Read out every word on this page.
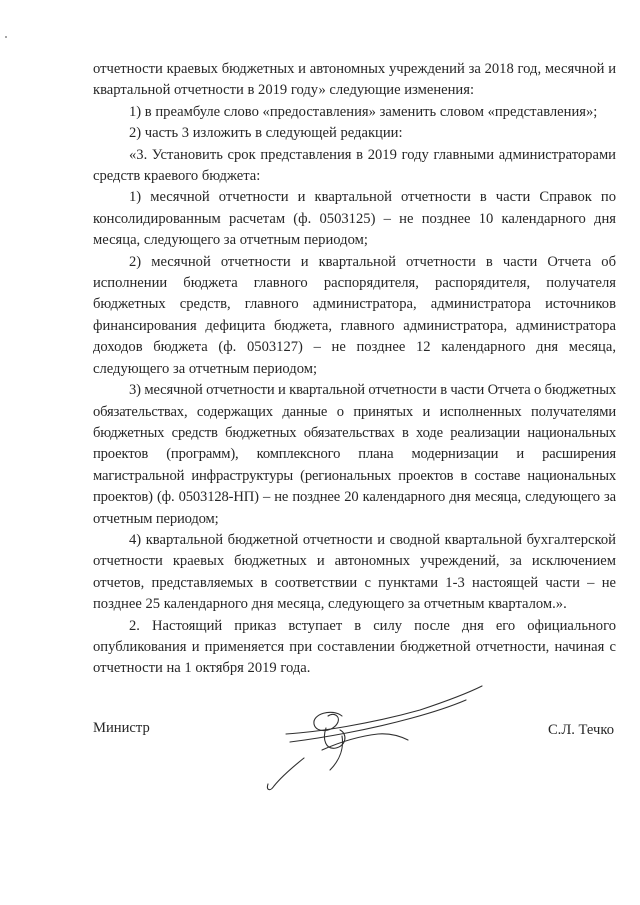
отчетности краевых бюджетных и автономных учреждений за 2018 год, месячной и квартальной отчетности в 2019 году» следующие изменения:

1) в преамбуле слово «предоставления» заменить словом «представления»;

2) часть 3 изложить в следующей редакции:

«3. Установить срок представления в 2019 году главными администраторами средств краевого бюджета:

1) месячной отчетности и квартальной отчетности в части Справок по консолидированным расчетам (ф. 0503125) – не позднее 10 календарного дня месяца, следующего за отчетным периодом;

2) месячной отчетности и квартальной отчетности в части Отчета об исполнении бюджета главного распорядителя, распорядителя, получателя бюджетных средств, главного администратора, администратора источников финансирования дефицита бюджета, главного администратора, администратора доходов бюджета (ф. 0503127) – не позднее 12 календарного дня месяца, следующего за отчетным периодом;

3) месячной отчетности и квартальной отчетности в части Отчета о бюджетных обязательствах, содержащих данные о принятых и исполненных получателями бюджетных средств бюджетных обязательствах в ходе реализации национальных проектов (программ), комплексного плана модернизации и расширения магистральной инфраструктуры (региональных проектов в составе национальных проектов) (ф. 0503128-НП) – не позднее 20 календарного дня месяца, следующего за отчетным периодом;

4) квартальной бюджетной отчетности и сводной квартальной бухгалтерской отчетности краевых бюджетных и автономных учреждений, за исключением отчетов, представляемых в соответствии с пунктами 1-3 настоящей части – не позднее 25 календарного дня месяца, следующего за отчетным кварталом.».

2. Настоящий приказ вступает в силу после дня его официального опубликования и применяется при составлении бюджетной отчетности, начиная с отчетности на 1 октября 2019 года.

Министр	С.Л. Течко
